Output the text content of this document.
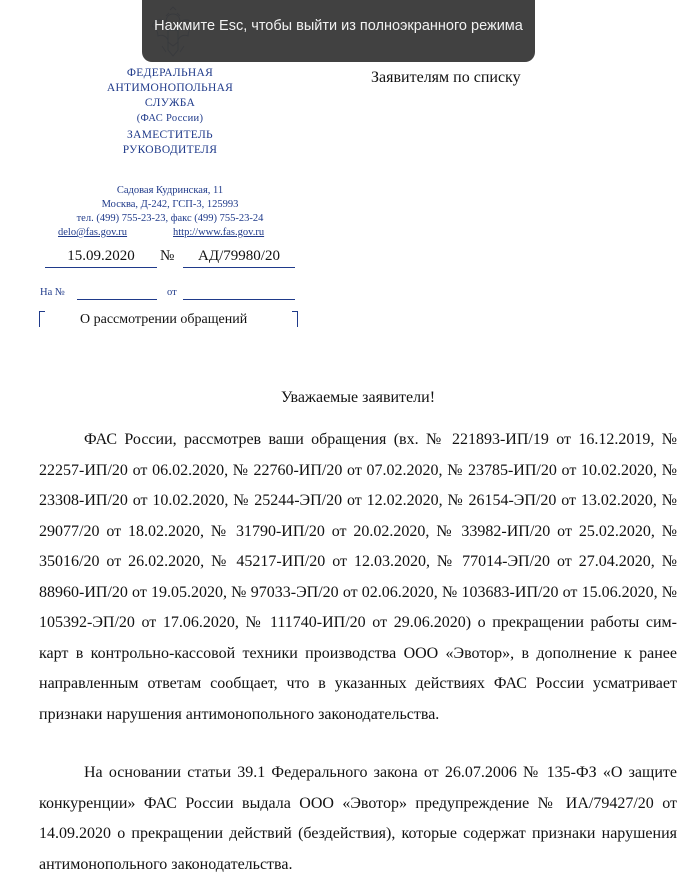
ФЕДЕРАЛЬНАЯ
АНТИМОНОПОЛЬНАЯ
СЛУЖБА
(ФАС России)
ЗАМЕСТИТЕЛЬ
РУКОВОДИТЕЛЯ
Садовая Кудринская, 11
Москва, Д-242, ГСП-3, 125993
тел. (499) 755-23-23, факс (499) 755-23-24
delo@fas.gov.ru	http://www.fas.gov.ru
15.09.2020	№	АД/79980/20
На №	от
О рассмотрении обращений
Заявителям по списку
Нажмите Esc, чтобы выйти из полноэкранного режима
Уважаемые заявители!
ФАС России, рассмотрев ваши обращения (вх. № 221893-ИП/19 от 16.12.2019, № 22257-ИП/20 от 06.02.2020, № 22760-ИП/20 от 07.02.2020, № 23785-ИП/20 от 10.02.2020, № 23308-ИП/20 от 10.02.2020, № 25244-ЭП/20 от 12.02.2020, № 26154-ЭП/20 от 13.02.2020, № 29077/20 от 18.02.2020, № 31790-ИП/20 от 20.02.2020, № 33982-ИП/20 от 25.02.2020, № 35016/20 от 26.02.2020, № 45217-ИП/20 от 12.03.2020, № 77014-ЭП/20 от 27.04.2020, № 88960-ИП/20 от 19.05.2020, № 97033-ЭП/20 от 02.06.2020, № 103683-ИП/20 от 15.06.2020, № 105392-ЭП/20 от 17.06.2020, № 111740-ИП/20 от 29.06.2020) о прекращении работы сим-карт в контрольно-кассовой техники производства ООО «Эвотор», в дополнение к ранее направленным ответам сообщает, что в указанных действиях ФАС России усматривает признаки нарушения антимонопольного законодательства.
На основании статьи 39.1 Федерального закона от 26.07.2006 № 135-ФЗ «О защите конкуренции» ФАС России выдала ООО «Эвотор» предупреждение № ИА/79427/20 от 14.09.2020 о прекращении действий (бездействия), которые содержат признаки нарушения антимонопольного законодательства.
